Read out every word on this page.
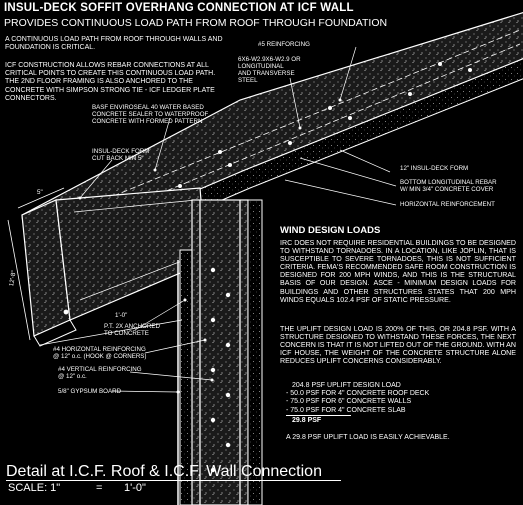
INSUL-DECK SOFFIT OVERHANG CONNECTION AT ICF WALL
PROVIDES CONTINUOUS LOAD PATH FROM ROOF THROUGH FOUNDATION
A CONTINUOUS LOAD PATH FROM ROOF THROUGH WALLS AND
FOUNDATION IS CRITICAL.
ICF CONSTRUCTION ALLOWS REBAR CONNECTIONS AT ALL
CRITICAL POINTS TO CREATE THIS CONTINUOUS LOAD PATH.
THE 2ND FLOOR FRAMING IS ALSO ANCHORED TO THE
CONCRETE WITH SIMPSON STRONG TIE - ICF LEDGER PLATE
CONNECTORS.
#5 REINFORCING
6X6-W2.9X6-W2.9 OR
LONGITUDINAL
AND TRANSVERSE
STEEL
BASF ENVIROSEAL 40 WATER BASED
CONCRETE SEALER TO WATERPROOF
CONCRETE WITH FORMED PATTERN
INSUL-DECK FORM
CUT BACK MIN 5"
12" INSUL-DECK FORM
BOTTOM LONGITUDINAL REBAR
W/ MIN 3/4" CONCRETE COVER
HORIZONTAL REINFORCEMENT
5"
12'-8"
1'-0"
P.T. 2X ANCHORED
TO CONCRETE
#4 HORIZONTAL REINFORCING
@ 12" o.c. (HOOK @ CORNERS)
#4 VERTICAL REINFORCING
@ 12" o.c.
5/8" GYPSUM BOARD
WIND DESIGN LOADS
IRC DOES NOT REQUIRE RESIDENTIAL BUILDINGS TO BE DESIGNED TO WITHSTAND TORNADOES. IN A LOCATION, LIKE JOPLIN, THAT IS SUSCEPTIBLE TO SEVERE TORNADOES, THIS IS NOT SUFFICIENT CRITERIA. FEMA'S RECOMMENDED SAFE ROOM CONSTRUCTION IS DESIGNED FOR 200 MPH WINDS, AND THIS IS THE STRUCTURAL BASIS OF OUR DESIGN. ASCE - MINIMUM DESIGN LOADS FOR BUILDINGS AND OTHER STRUCTURES STATES THAT 200 MPH WINDS EQUALS 102.4 PSF OF STATIC PRESSURE.
THE UPLIFT DESIGN LOAD IS 200% OF THIS, OR 204.8 PSF. WITH A STRUCTURE DESIGNED TO WITHSTAND THESE FORCES, THE NEXT CONCERN IS THAT IT IS NOT LIFTED OUT OF THE GROUND. WITH AN ICF HOUSE, THE WEIGHT OF THE CONCRETE STRUCTURE ALONE REDUCES UPLIFT CONCERNS CONSIDERABLY.
204.8 PSF UPLIFT DESIGN LOAD
- 50.0 PSF FOR 4" CONCRETE ROOF DECK
- 75.0 PSF FOR 6" CONCRETE WALLS
- 75.0 PSF FOR 4" CONCRETE SLAB
29.8 PSF
A 29.8 PSF UPLIFT LOAD IS EASILY ACHIEVABLE.
Detail at I.C.F. Roof & I.C.F. Wall Connection
SCALE: 1"	= 1'-0"
